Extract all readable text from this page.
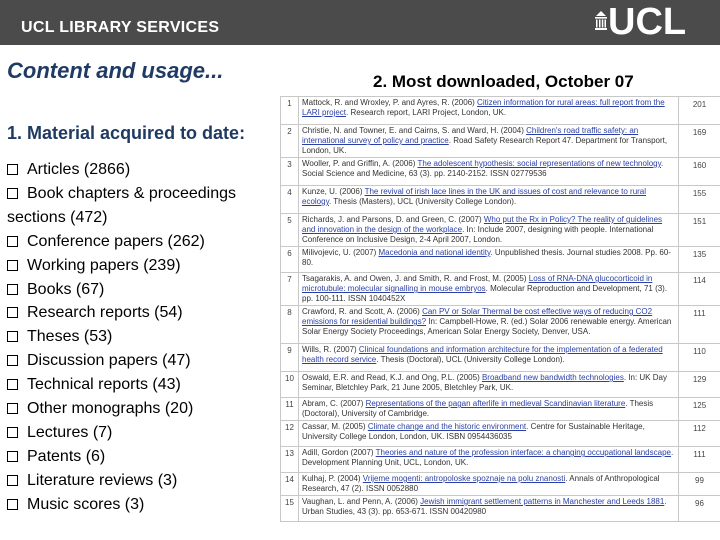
UCL LIBRARY SERVICES	UCL
Content and usage...	2. Most downloaded, October 07
1. Material acquired to date:
Articles (2866)
Book chapters & proceedings sections (472)
Conference papers (262)
Working papers (239)
Books (67)
Research reports (54)
Theses (53)
Discussion papers (47)
Technical reports (43)
Other monographs (20)
Lectures (7)
Patents (6)
Literature reviews (3)
Music scores (3)
1	Mattock, R. and Wroxley, P. and Ayres, R. (2006) Citizen information for rural areas: full report from the LARI project. Research report, LARI Project, London, UK.	201
2	Christie, N. and Towner, E. and Cairns, S. and Ward, H. (2004) Children's road traffic safety: an international survey of policy and practice. Road Safety Research Report 47. Department for Transport, London, UK.	169
3	Wooller, P. and Griffin, A. (2006) The adolescent hypothesis: social representations of new technology. Social Science and Medicine, 63 (3). pp. 2140-2152. ISSN 02779536	160
4	Kunze, U. (2006) The revival of irish lace lines in the UK and issues of cost and relevance to rural ecology. Thesis (Masters), UCL (University College London).	155
5	Richards, J. and Parsons, D. and Green, C. (2007) Who put the Rx in Policy? The reality of guidelines and innovation in the design of the workplace. In: Include 2007, designing with people. International Conference on Inclusive Design, 2-4 April 2007, London.	151
6	Milivojevic, U. (2007) Macedonia and national identity. Unpublished thesis. Journal studies 2008. Pp. 60-80.	135
7	Tsagarakis, A. and Owen, J. and Smith, R. and Frost, M. (2005) Loss of RNA-DNA glucocorticoid in microtubule: molecular signalling in mouse embryos. Molecular Reproduction and Development, 71 (3). pp. 100-111. ISSN 1040452X	114
8	Crawford, R. and Scott, A. (2006) Can PV or Solar Thermal be cost effective ways of reducing CO2 emissions for residential buildings? In: Campbell-Howe, R. (ed.) Solar 2006 renewable energy. American Solar Energy Society Proceedings, American Solar Energy Society, Denver, USA.	111
9	Wills, R. (2007) Clinical foundations and information architecture for the implementation of a federated health record service. Thesis (Doctoral), UCL (University College London).	110
10	Oswald, E.R. and Read, K.J. and Ong, P.L. (2005) Broadband new bandwidth technologies. In: UK Day Seminar, Bletchley Park, 21 June 2005, Bletchley Park, UK.	129
11	Abram, C. (2007) Representations of the pagan afterlife in medieval Scandinavian literature. Thesis (Doctoral), University of Cambridge.	125
12	Cassar, M. (2005) Climate change and the historic environment. Centre for Sustainable Heritage, University College London, London, UK. ISBN 0954436035	112
13	Adill, Gordon (2007) Theories and nature of the profession interface: a changing occupational landscape. Development Planning Unit, UCL, London, UK.	111
14	Kulhaj, P. (2004) Vrijeme mogenti: antropoloske spoznaje na polu znanosti. Annals of Anthropological Research, 47 (2). ISSN 0052880	99
15	Vaughan, L. and Penn, A. (2006) Jewish immigrant settlement patterns in Manchester and Leeds 1881. Urban Studies, 43 (3). pp. 653-671. ISSN 00420980	96
